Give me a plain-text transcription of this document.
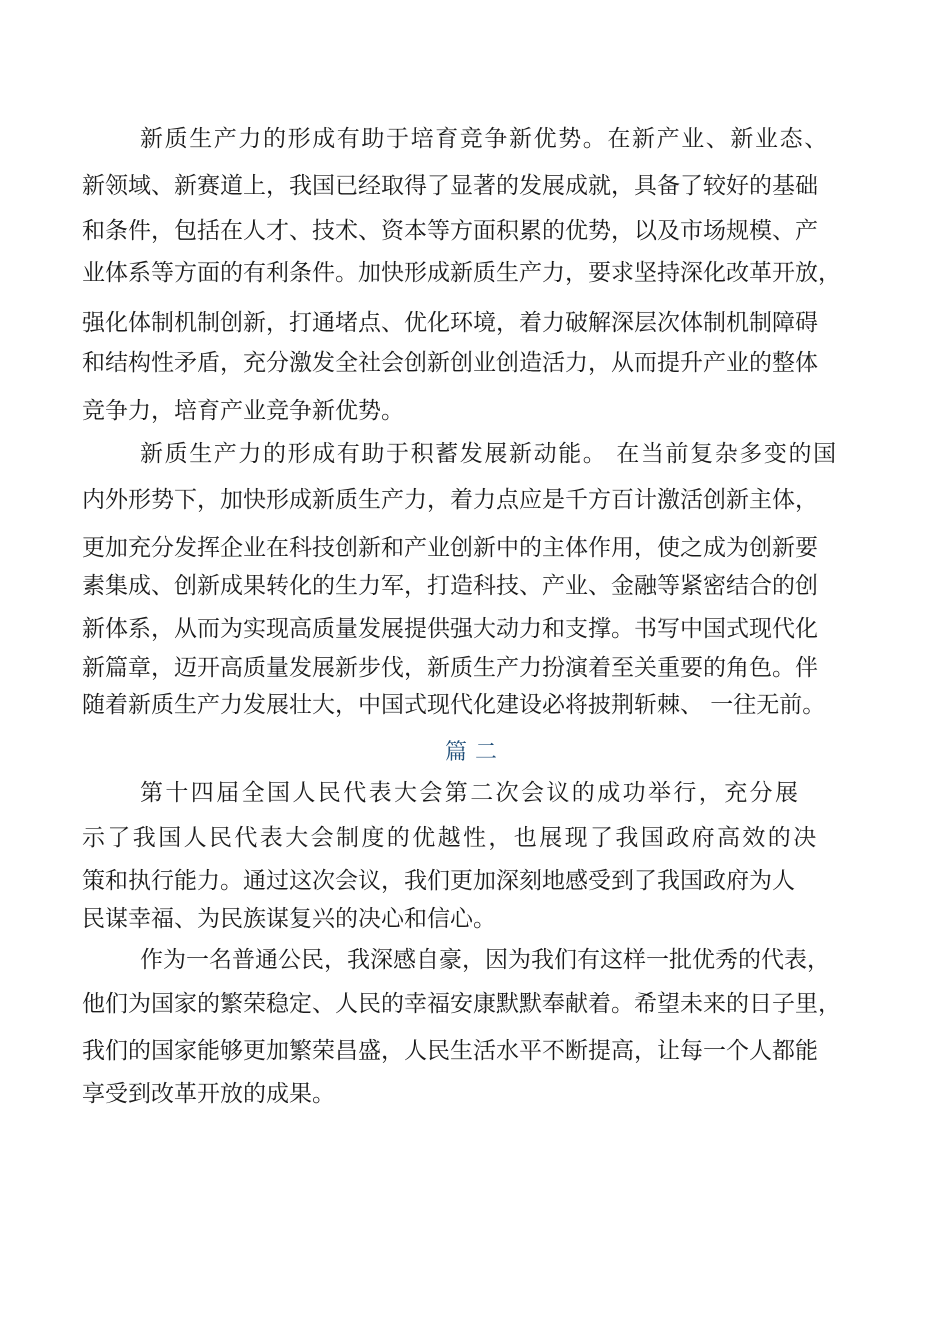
新质生产力的形成有助于培育竞争新优势。在新产业、新业态、
新领域、新赛道上，我国已经取得了显著的发展成就，具备了较好的基础
和条件，包括在人才、技术、资本等方面积累的优势，以及市场规模、产
业体系等方面的有利条件。加快形成新质生产力，要求坚持深化改革开放，
强化体制机制创新，打通堵点、优化环境，着力破解深层次体制机制障碍
和结构性矛盾，充分激发全社会创新创业创造活力，从而提升产业的整体
竞争力，培育产业竞争新优势。
新质生产力的形成有助于积蓄发展新动能。 在当前复杂多变的国
内外形势下，加快形成新质生产力，着力点应是千方百计激活创新主体，
更加充分发挥企业在科技创新和产业创新中的主体作用，使之成为创新要
素集成、创新成果转化的生力军，打造科技、产业、金融等紧密结合的创
新体系，从而为实现高质量发展提供强大动力和支撑。书写中国式现代化
新篇章，迈开高质量发展新步伐，新质生产力扮演着至关重要的角色。伴
随着新质生产力发展壮大，中国式现代化建设必将披荆斩棘、 一往无前。
篇二
第十四届全国人民代表大会第二次会议的成功举行，充分展
示了我国人民代表大会制度的优越性，也展现了我国政府高效的决
策和执行能力。通过这次会议，我们更加深刻地感受到了我国政府为人
民谋幸福、为民族谋复兴的决心和信心。
作为一名普通公民，我深感自豪，因为我们有这样一批优秀的代表，
他们为国家的繁荣稳定、人民的幸福安康默默奉献着。希望未来的日子里，
我们的国家能够更加繁荣昌盛，人民生活水平不断提高，让每一个人都能
享受到改革开放的成果。
